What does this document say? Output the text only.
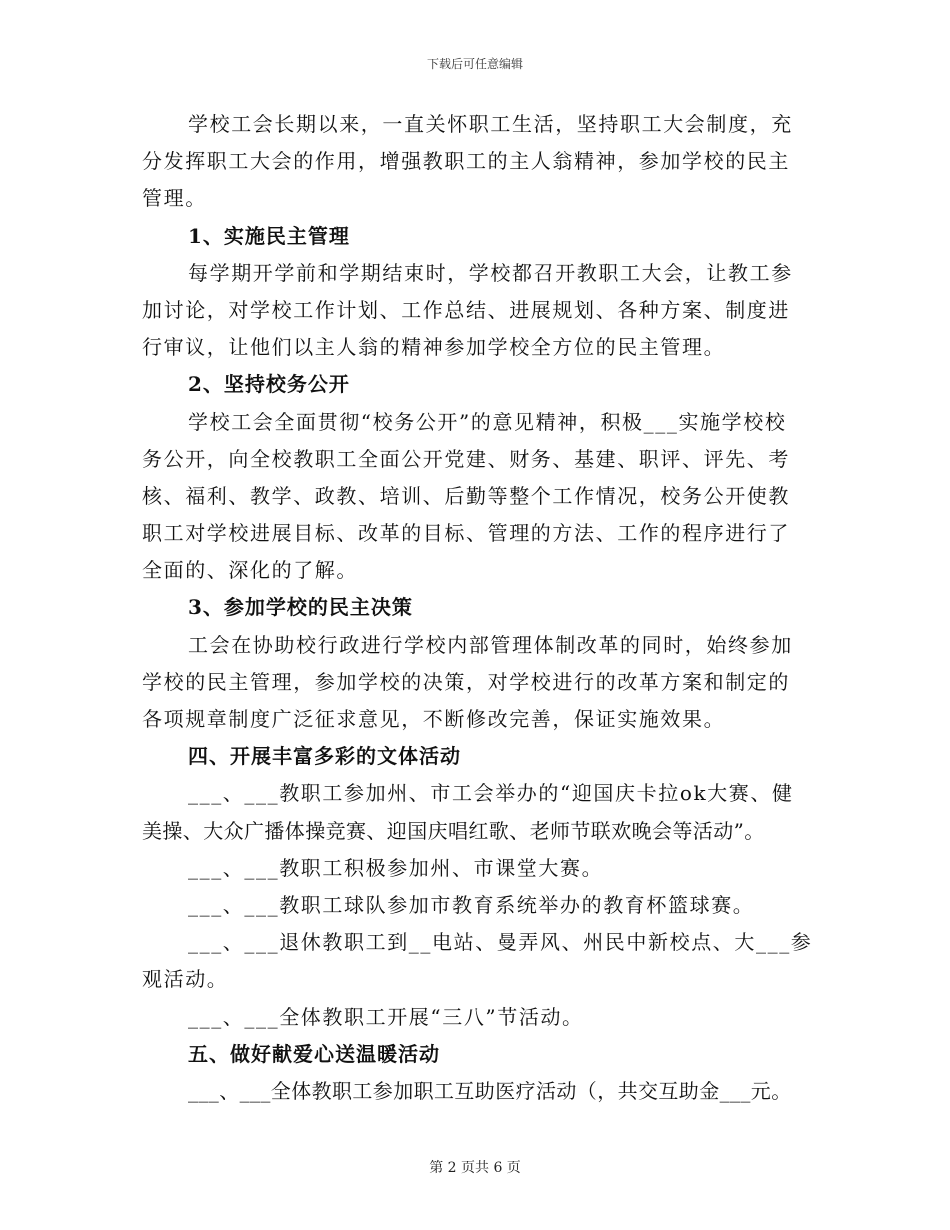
下载后可任意编辑
学校工会长期以来，一直关怀职工生活，坚持职工大会制度，充
分发挥职工大会的作用，增强教职工的主人翁精神，参加学校的民主
管理。
1、实施民主管理
每学期开学前和学期结束时，学校都召开教职工大会，让教工参
加讨论，对学校工作计划、工作总结、进展规划、各种方案、制度进
行审议，让他们以主人翁的精神参加学校全方位的民主管理。
2、坚持校务公开
学校工会全面贯彻“校务公开”的意见精神，积极___实施学校校
务公开，向全校教职工全面公开党建、财务、基建、职评、评先、考
核、福利、教学、政教、培训、后勤等整个工作情况，校务公开使教
职工对学校进展目标、改革的目标、管理的方法、工作的程序进行了
全面的、深化的了解。
3、参加学校的民主决策
工会在协助校行政进行学校内部管理体制改革的同时，始终参加
学校的民主管理，参加学校的决策，对学校进行的改革方案和制定的
各项规章制度广泛征求意见，不断修改完善，保证实施效果。
四、开展丰富多彩的文体活动
___、___教职工参加州、市工会举办的“迎国庆卡拉ok大赛、健
美操、大众广播体操竞赛、迎国庆唱红歌、老师节联欢晚会等活动”。
___、___教职工积极参加州、市课堂大赛。
___、___教职工球队参加市教育系统举办的教育杯篮球赛。
___、___退休教职工到__电站、曼弄风、州民中新校点、大___参
观活动。
___、___全体教职工开展“三八”节活动。
五、做好献爱心送温暖活动
___、___全体教职工参加职工互助医疗活动（，共交互助金___元。
第 2 页共 6 页
